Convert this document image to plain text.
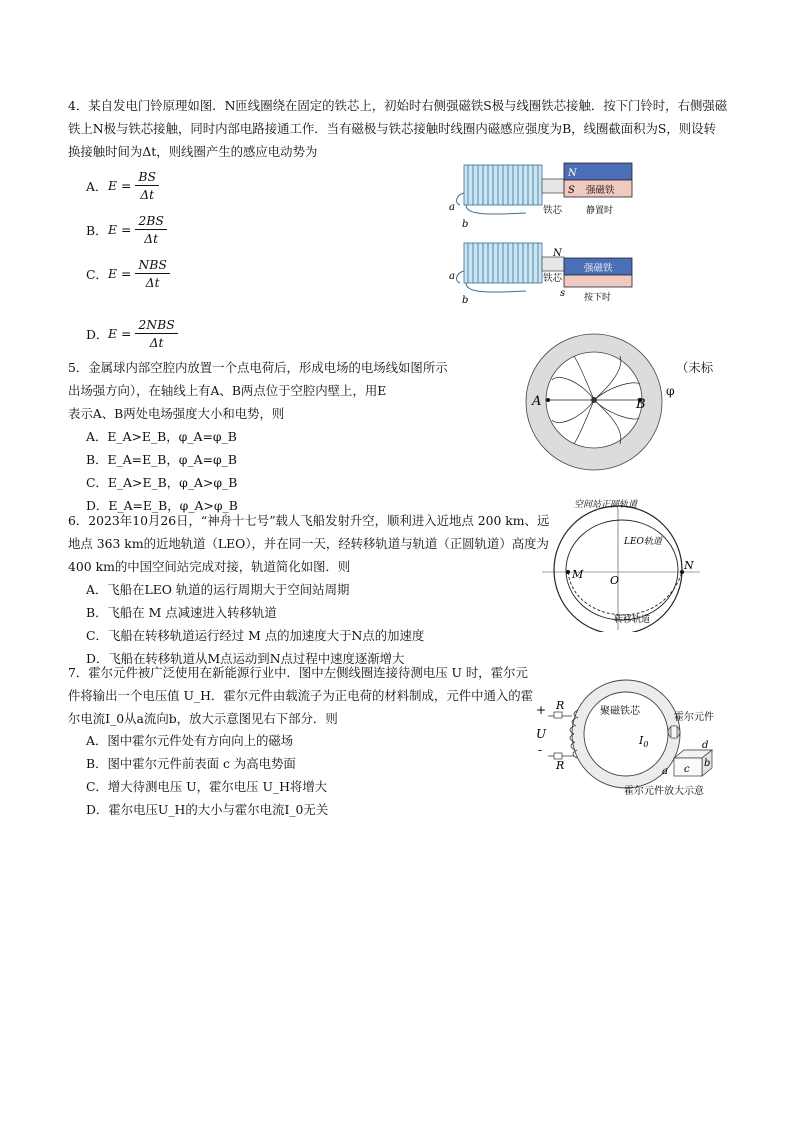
4．某自发电门铃原理如图．N匝线圈绕在固定的铁芯上，初始时右侧强磁铁S极与线圈铁芯接触．按下门铃时，右侧强磁铁上N极与铁芯接触，同时内部电路接通工作．当有磁极与铁芯接触时线圈内磁感应强度为B，线圈截面积为S，则设转换接触时间为Δt，则线圈产生的感应电动势为
A． $E = \frac{BS}{\Delta t}$
B． $E = \frac{2BS}{\Delta t}$
C． $E = \frac{\text{NBS}}{\Delta t}$
D． $E = \frac{\text{2NBS}}{\Delta t}$
N
S 强磁铁
铁芯	静置时
a
b
N
铁芯
强磁铁
s 按下时
a
b
5．金属球内部空腔内放置一个点电荷后，形成电场的电场线如图所示
出场强方向），在轴线上有A、B两点位于空腔内壁上，用E
表示A、B两处电场强度大小和电势，则
（未标
φ
A．E_A>E_B，φ_A=φ_B
B．E_A=E_B，φ_A=φ_B
C．E_A>E_B，φ_A>φ_B
D．E_A=E_B，φ_A>φ_B
A	B
6．2023年10月26日，“神舟十七号”载人飞船发射升空，顺利进入近地点 200 km、远地点 363 km的近地轨道（LEO），并在同一天，经转移轨道与轨道（正圆轨道）高度为 400 km的中国空间站完成对接，轨道简化如图．则
A．飞船在LEO 轨道的运行周期大于空间站周期
B．飞船在 M 点减速进入转移轨道
C．飞船在转移轨道运行经过 M 点的加速度大于N点的加速度
D．飞船在转移轨道从M点运动到N点过程中速度逐渐增大
空间站正圆轨道
LEO轨道
转移轨道
M O
N
7．霍尔元件被广泛使用在新能源行业中．图中左侧线圈连接待测电压 U 时，霍尔元件将输出一个电压值 U_H．霍尔元件由载流子为正电荷的材料制成，元件中通入的霍尔电流I_0从a流向b，放大示意图见右下部分．则
A．图中霍尔元件处有方向向上的磁场
B．图中霍尔元件前表面 c 为高电势面
C．增大待测电压 U，霍尔电压 U_H将增大
D．霍尔电压U_H的大小与霍尔电流I_0无关
聚磁铁芯
霍尔元件
$I_0$
+
U
-
R
R	a c
b
d
霍尔元件放大示意
